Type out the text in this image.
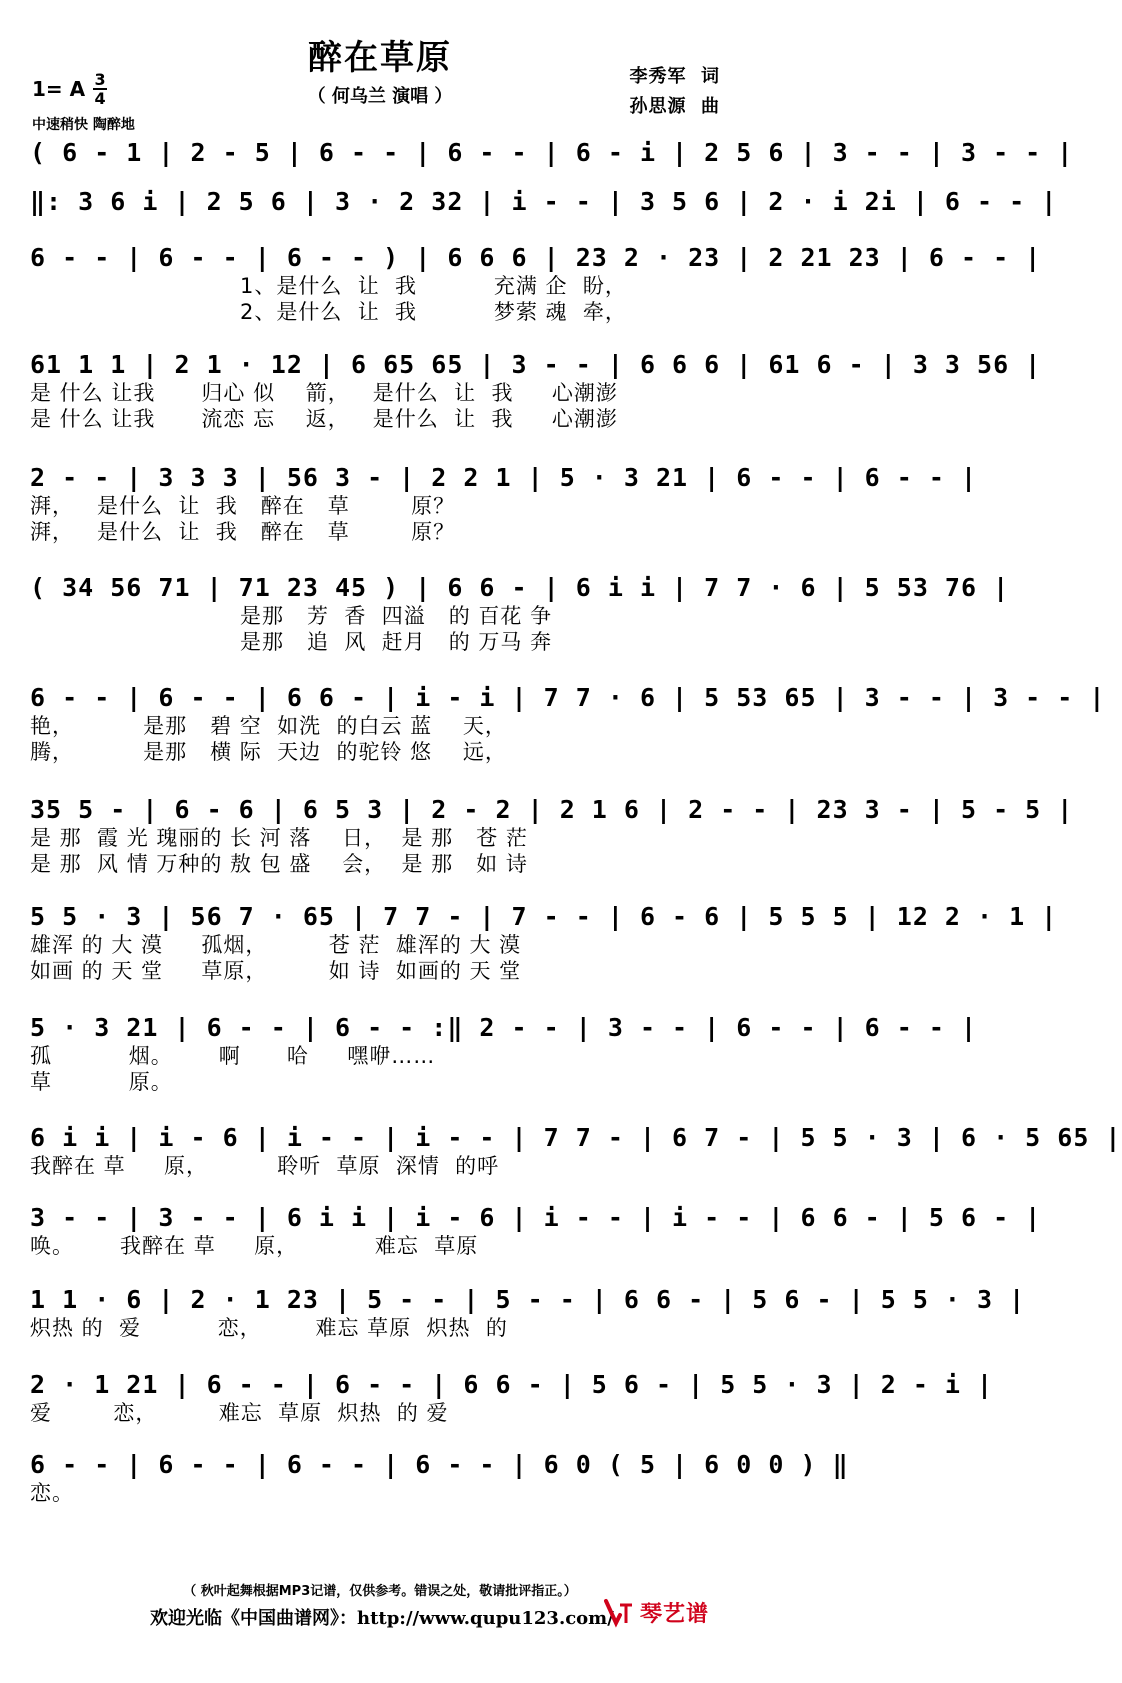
醉在草原
（ 何乌兰 演唱 ）
1= A 3
4
中速稍快 陶醉地
李秀军  词
孙思源  曲
( 6 - 1 | 2 - 5 | 6 - - | 6 - - | 6 - i | 2 5 6 | 3 - - | 3 - - |
‖: 3 6 i | 2 5 6 | 3 · 2 32 | i - - | 3 5 6 | 2 · i 2i | 6 - - |
6 - - | 6 - - | 6 - - ) | 6 6 6 | 23 2 · 23 | 2 21 23 | 6 - - |
1、是什么  让  我          充满 企  盼，
2、是什么  让  我          梦萦 魂  牵，
61 1 1 | 2 1 · 12 | 6 65 65 | 3 - - | 6 6 6 | 61 6 - | 3 3 56 |
是 什么 让我      归心 似    箭，   是什么  让  我     心潮澎
是 什么 让我      流恋 忘    返，   是什么  让  我     心潮澎
2 - - | 3 3 3 | 56 3 - | 2 2 1 | 5 · 3 21 | 6 - - | 6 - - |
湃，   是什么  让  我   醉在   草        原？
湃，   是什么  让  我   醉在   草        原？
( 34 56 71 | 71 23 45 ) | 6 6 - | 6 i i | 7 7 · 6 | 5 53 76 |
是那   芳  香  四溢   的 百花 争
是那   追  风  赶月   的 万马 奔
6 - - | 6 - - | 6 6 - | i - i | 7 7 · 6 | 5 53 65 | 3 - - | 3 - - |
艳，         是那   碧 空  如洗  的白云 蓝    天，
腾，         是那   横 际  天边  的驼铃 悠    远，
35 5 - | 6 - 6 | 6 5 3 | 2 - 2 | 2 1 6 | 2 - - | 23 3 - | 5 - 5 |
是 那  霞 光 瑰丽的 长 河 落    日，  是 那   苍 茫
是 那  风 情 万种的 敖 包 盛    会，  是 那   如 诗
5 5 · 3 | 56 7 · 65 | 7 7 - | 7 - - | 6 - 6 | 5 5 5 | 12 2 · 1 |
雄浑 的 大 漠     孤烟，        苍 茫  雄浑的 大 漠
如画 的 天 堂     草原，        如 诗  如画的 天 堂
5 · 3 21 | 6 - - | 6 - - :‖ 2 - - | 3 - - | 6 - - | 6 - - |
孤          烟。      啊      哈     嘿咿……
草          原。
6 i i | i - 6 | i - - | i - - | 7 7 - | 6 7 - | 5 5 · 3 | 6 · 5 65 |
我醉在 草     原，         聆听  草原  深情  的呼
3 - - | 3 - - | 6 i i | i - 6 | i - - | i - - | 6 6 - | 5 6 - |
唤。      我醉在 草     原，          难忘  草原
1 1 · 6 | 2 · 1 23 | 5 - - | 5 - - | 6 6 - | 5 6 - | 5 5 · 3 |
炽热 的  爱          恋，       难忘 草原  炽热  的
2 · 1 21 | 6 - - | 6 - - | 6 6 - | 5 6 - | 5 5 · 3 | 2 - i |
爱        恋，        难忘  草原  炽热  的 爱
6 - - | 6 - - | 6 - - | 6 - - | 6 0 ( 5 | 6 0 0 ) ‖
恋。
（ 秋叶起舞根据MP3记谱，仅供参考。错误之处，敬请批评指正。）
欢迎光临《中国曲谱网》：http://www.qupu123.com/ 琴艺谱
